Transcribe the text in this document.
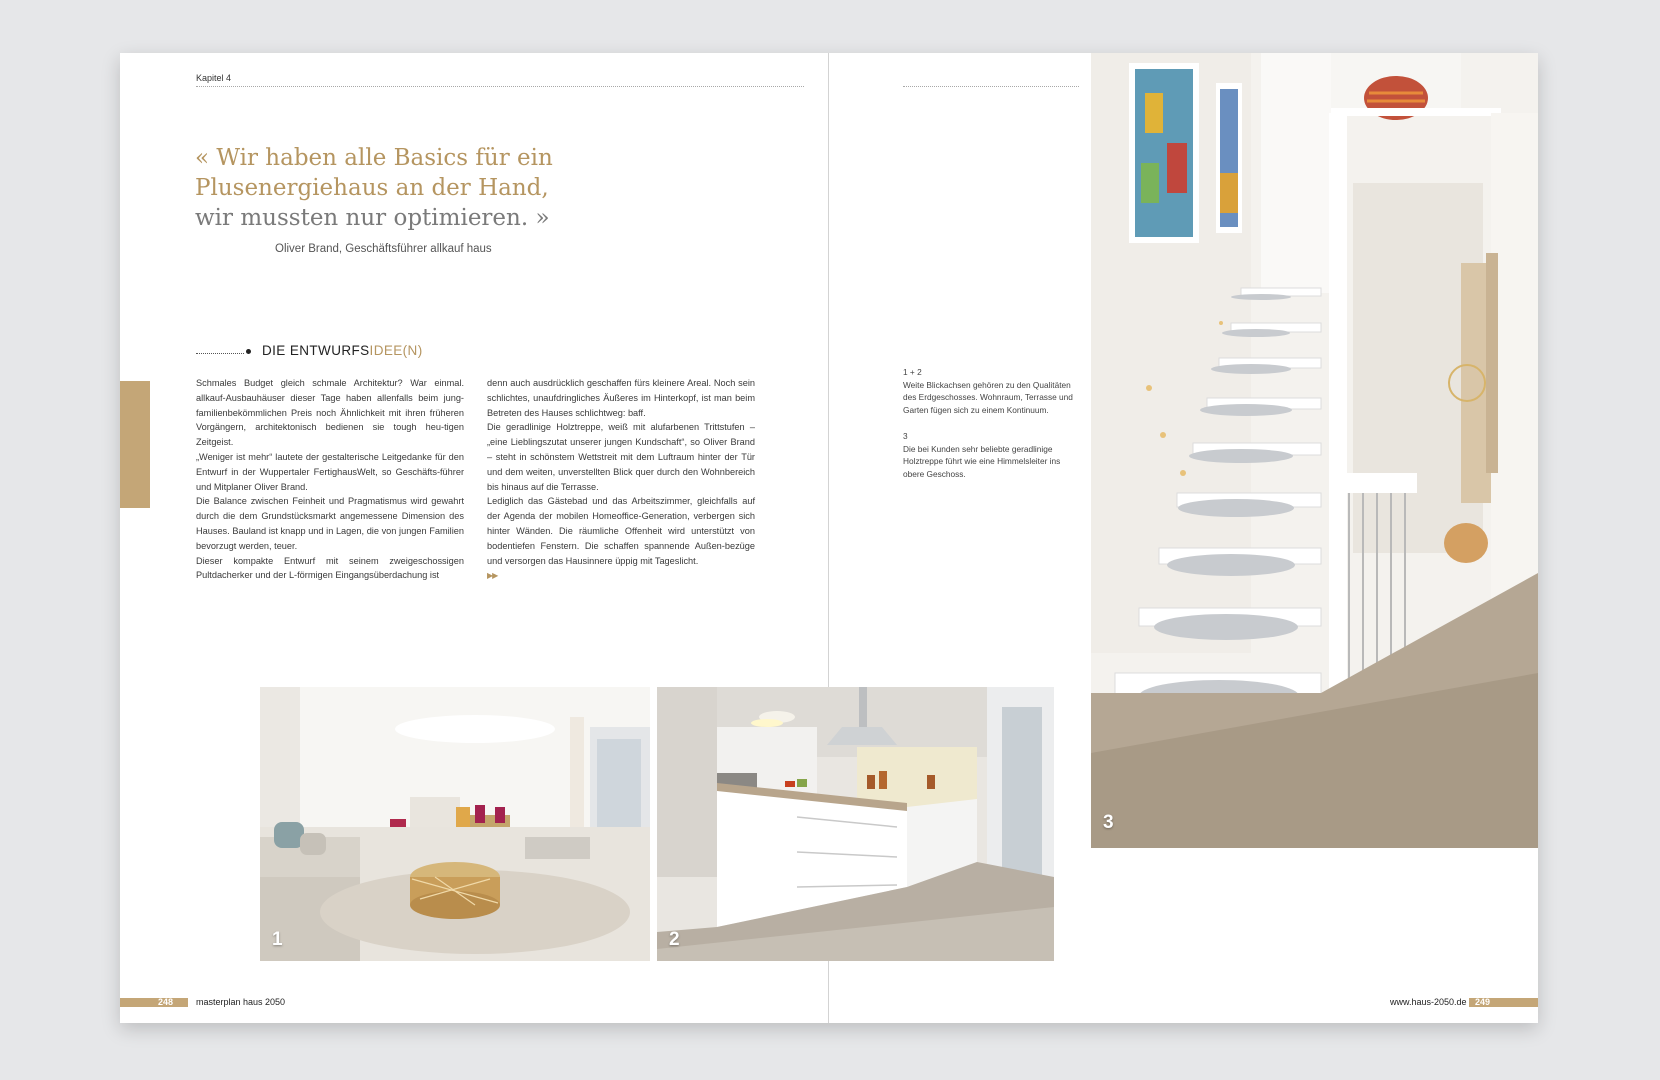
Kapitel 4

« Wir haben alle Basics für ein Plusenergiehaus an der Hand, wir mussten nur optimieren. »

Oliver Brand, Geschäftsführer allkauf haus
DIE ENTWURFSIDEE(N)

Schmales Budget gleich schmale Architektur? War einmal. allkauf-Ausbauhäuser dieser Tage haben allenfalls beim jung-familienbekömmlichen Preis noch Ähnlichkeit mit ihren früheren Vorgängern, architektonisch bedienen sie tough heu-tigen Zeitgeist.

„Weniger ist mehr“ lautete der gestalterische Leitgedanke für den Entwurf in der Wuppertaler FertighausWelt, so Geschäfts-führer und Mitplaner Oliver Brand.

Die Balance zwischen Feinheit und Pragmatismus wird gewahrt durch die dem Grundstücksmarkt angemessene Dimension des Hauses. Bauland ist knapp und in Lagen, die von jungen Familien bevorzugt werden, teuer.

Dieser kompakte Entwurf mit seinem zweigeschossigen Pultdacherker und der L-förmigen Eingangsüberdachung ist

denn auch ausdrücklich geschaffen fürs kleinere Areal. Noch sein schlichtes, unaufdringliches Äußeres im Hinterkopf, ist man beim Betreten des Hauses schlichtweg: baff.

Die geradlinige Holztreppe, weiß mit alufarbenen Trittstufen – „eine Lieblingszutat unserer jungen Kundschaft“, so Oliver Brand – steht in schönstem Wettstreit mit dem Luftraum hinter der Tür und dem weiten, unverstellten Blick quer durch den Wohnbereich bis hinaus auf die Terrasse.

Lediglich das Gästebad und das Arbeitszimmer, gleichfalls auf der Agenda der mobilen Homeoffice-Generation, verbergen sich hinter Wänden. Die räumliche Offenheit wird unterstützt von bodentiefen Fenstern. Die schaffen spannende Außen-bezüge und versorgen das Hausinnere üppig mit Tageslicht.

▶▶

1
248	masterplan haus 2050
2
1 + 2
Weite Blickachsen gehören zu den Qualitäten des Erdgeschosses. Wohnraum, Terrasse und Garten fügen sich zu einem Kontinuum.
3
Die bei Kunden sehr beliebte geradlinige Holztreppe führt wie eine Himmelsleiter ins obere Geschoss.
www.haus-2050.de 249
3
